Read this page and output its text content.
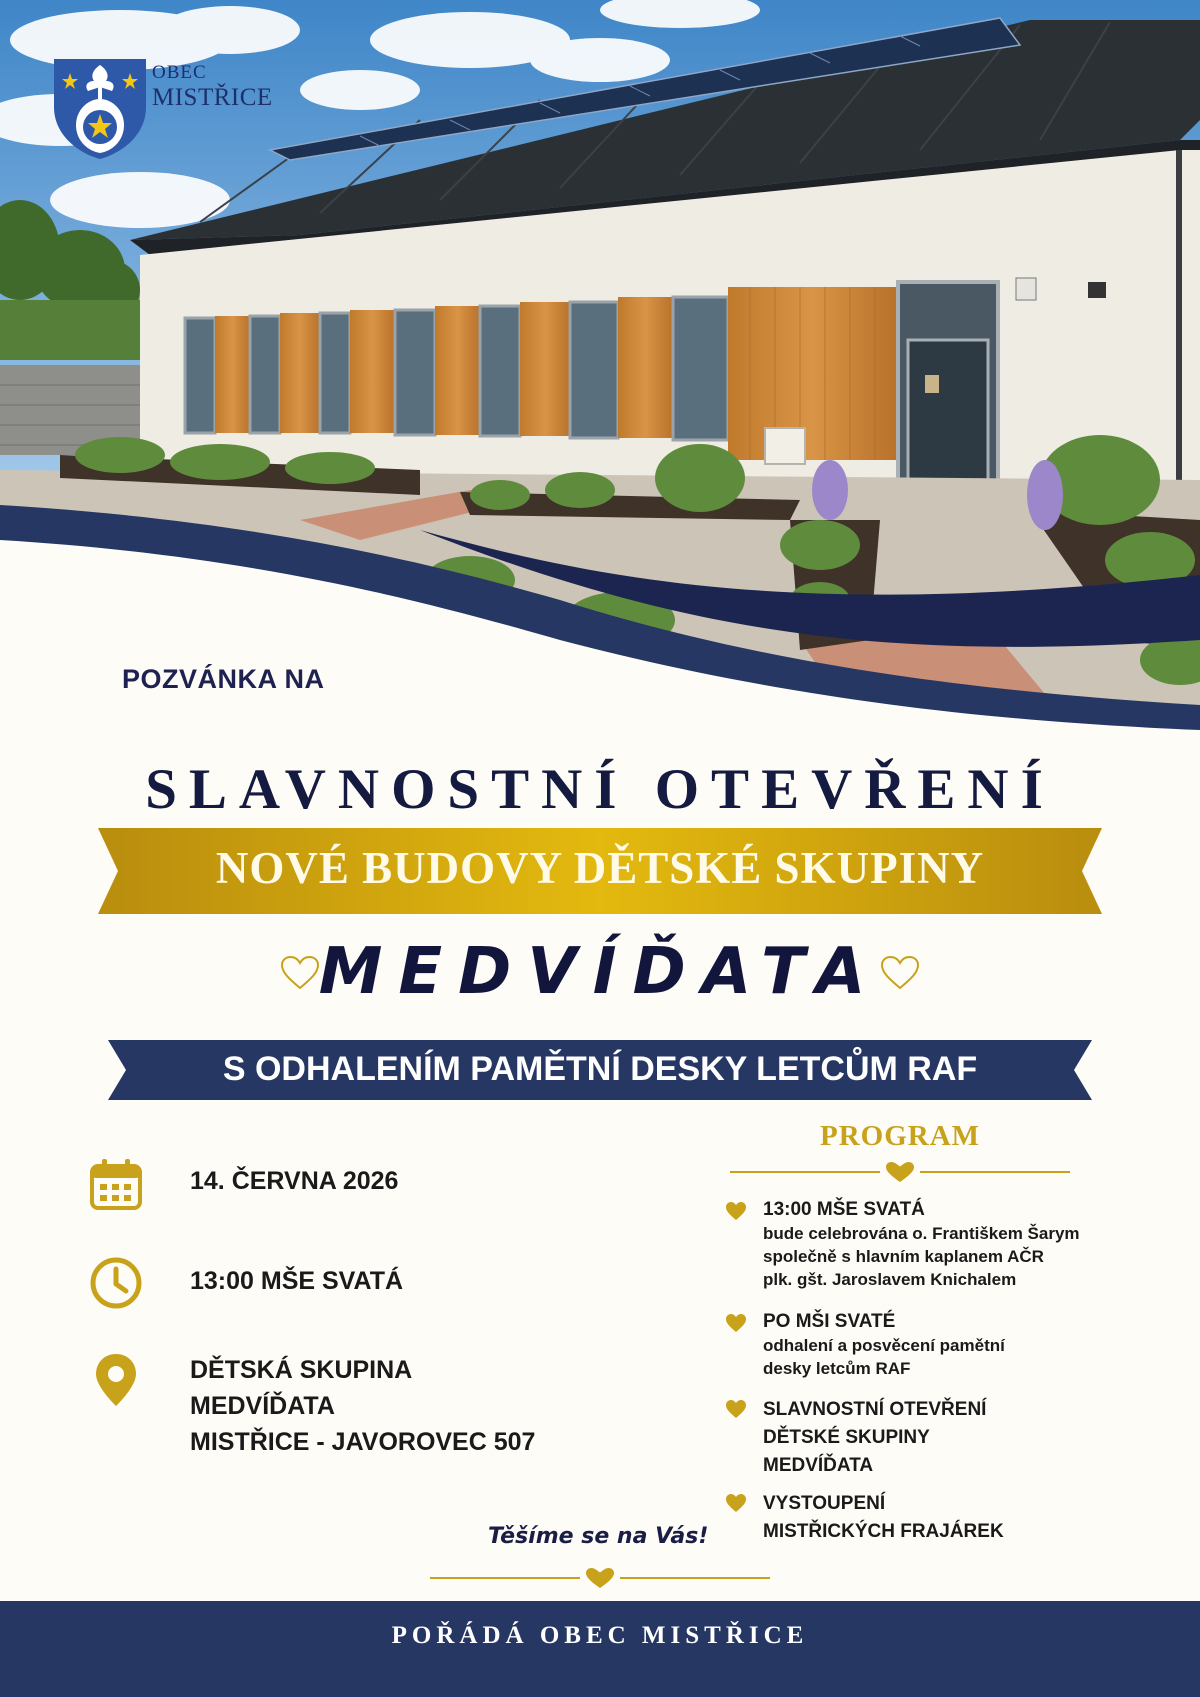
OBEC
MISTŘICE
POZVÁNKA NA
SLAVNOSTNÍ OTEVŘENÍ
NOVÉ BUDOVY DĚTSKÉ SKUPINY
MEDVÍĎATA
S ODHALENÍM PAMĚTNÍ DESKY LETCŮM RAF
14. ČERVNA 2026
13:00 MŠE SVATÁ
DĚTSKÁ SKUPINA
MEDVÍĎATA
MISTŘICE - JAVOROVEC 507
Těšíme se na Vás!
PROGRAM
13:00 MŠE SVATÁ
bude celebrována o. Františkem Šarym
společně s hlavním kaplanem AČR
plk. gšt. Jaroslavem Knichalem
PO MŠI SVATÉ
odhalení a posvěcení pamětní
desky letcům RAF
SLAVNOSTNÍ OTEVŘENÍ
DĚTSKÉ SKUPINY
MEDVÍĎATA
VYSTOUPENÍ
MISTŘICKÝCH FRAJÁREK
POŘÁDÁ OBEC MISTŘICE
